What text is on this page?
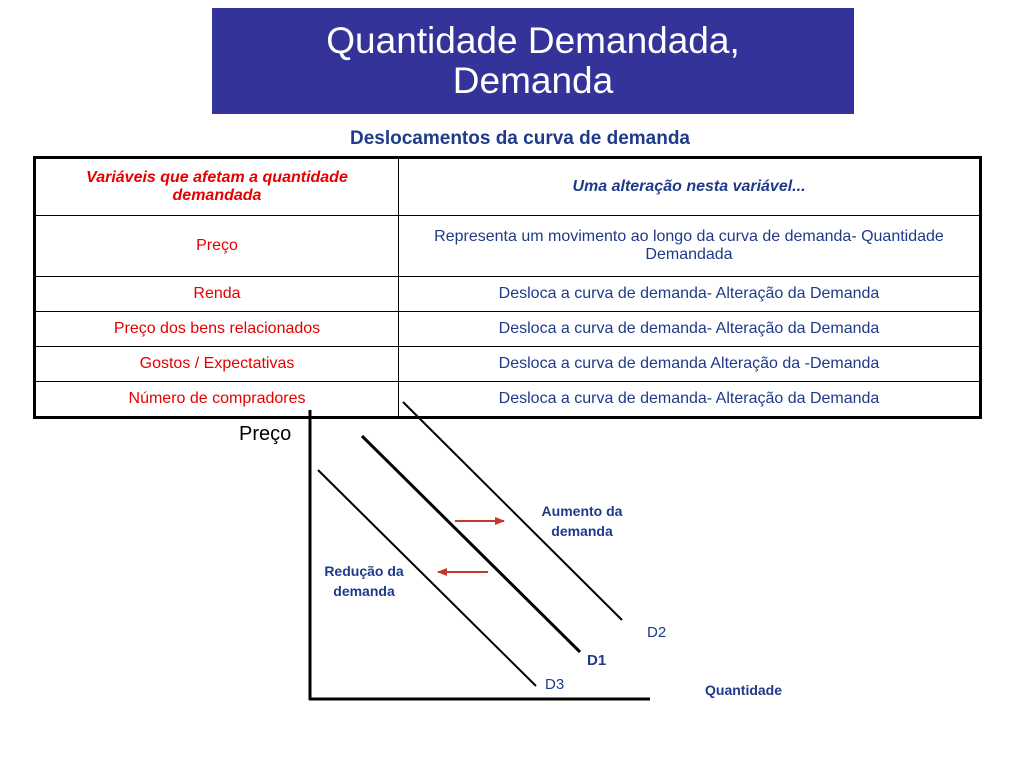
Quantidade Demandada,
Demanda
Deslocamentos da curva de demanda
Variáveis que afetam a quantidade demandada	Uma alteração nesta variável...
Preço	Representa um movimento ao longo da curva de demanda- Quantidade Demandada
Renda	Desloca a curva de demanda- Alteração da Demanda
Preço dos bens relacionados	Desloca a curva de demanda- Alteração da Demanda
Gostos / Expectativas	Desloca a curva de demanda Alteração da -Demanda
Número de compradores	Desloca a curva de demanda- Alteração da Demanda
Preço
Quantidade
Aumento da
demanda
Redução da
demanda
D2
D1
D3
